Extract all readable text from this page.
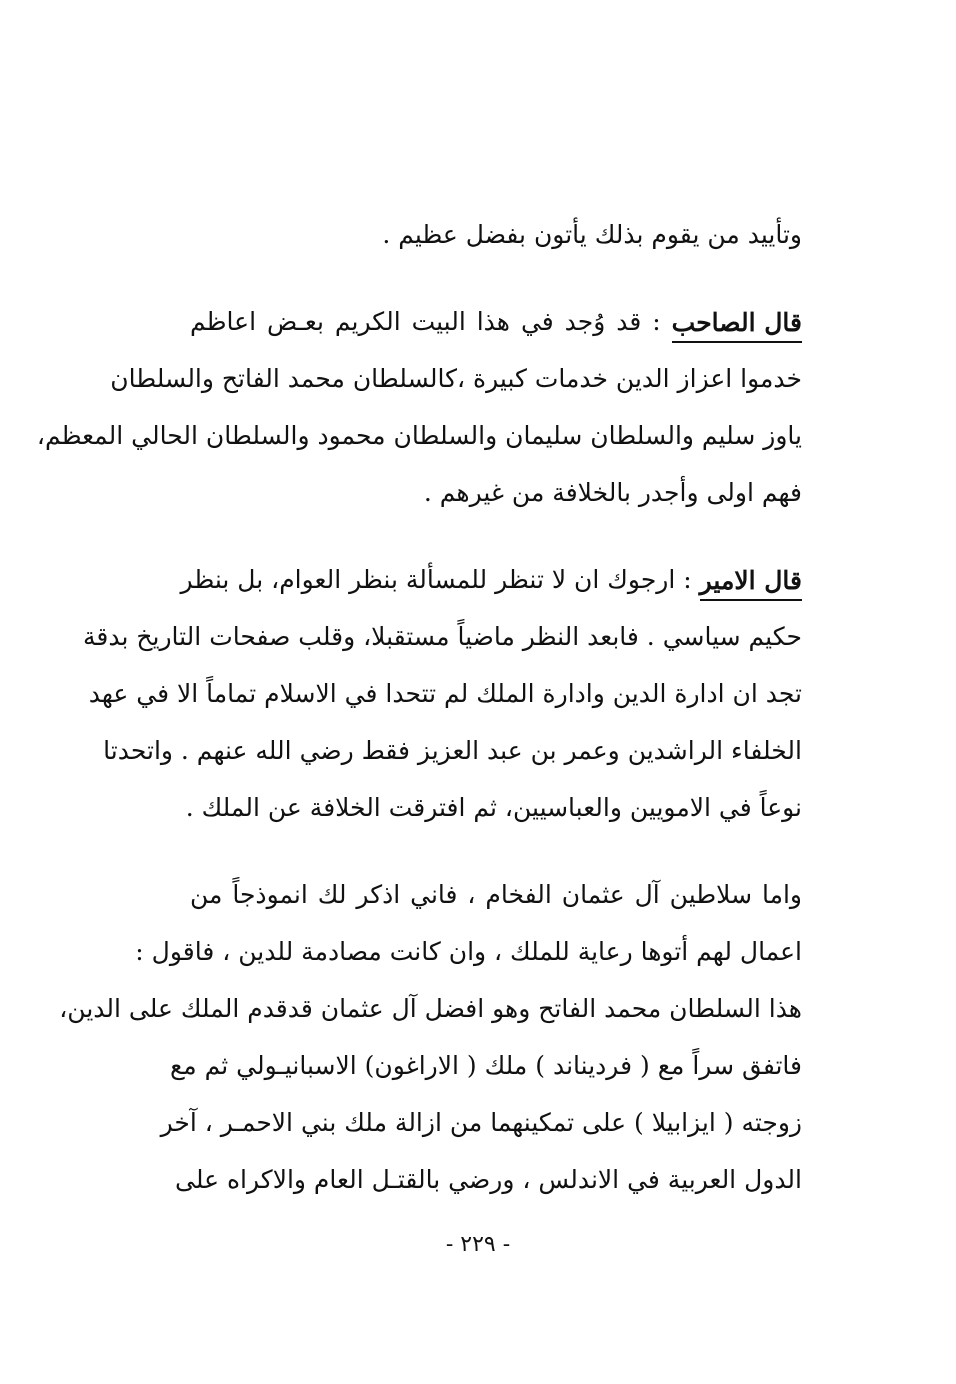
وتأييد من يقوم بذلك يأتون بفضل عظيم .
قال الصاحب : قد وُجد في هذا البيت الكريم بعـض اعاظم
خدموا اعزاز الدين خدمات كبيرة ،كالسلطان محمد الفاتح والسلطان
ياوز سليم والسلطان سليمان والسلطان محمود والسلطان الحالي المعظم،
فهم اولى وأجدر بالخلافة من غيرهم .
قال الامير : ارجوك ان لا تنظر للمسألة بنظر العوام، بل بنظر
حكيم سياسي . فابعد النظر ماضياً مستقبلا، وقلب صفحات التاريخ بدقة
تجد ان ادارة الدين وادارة الملك لم تتحدا في الاسلام تماماً الا في عهد
الخلفاء الراشدين وعمر بن عبد العزيز فقط رضي الله عنهم . واتحدتا
نوعاً في الامويين والعباسيين، ثم افترقت الخلافة عن الملك .
واما سلاطين آل عثمان الفخام ، فاني اذكر لك انموذجاً من
اعمال لهم أتوها رعاية للملك ، وان كانت مصادمة للدين ، فاقول :
هذا السلطان محمد الفاتح وهو افضل آل عثمان قدقدم الملك على الدين،
فاتفق سراً مع ( فرديناند ) ملك ( الاراغون) الاسبانيـولي ثم مع
زوجته ( ايزابيلا ) على تمكينهما من ازالة ملك بني الاحمـر ، آخر
الدول العربية في الاندلس ، ورضي بالقتـل العام والاكراه على
- ٢٢٩ -
